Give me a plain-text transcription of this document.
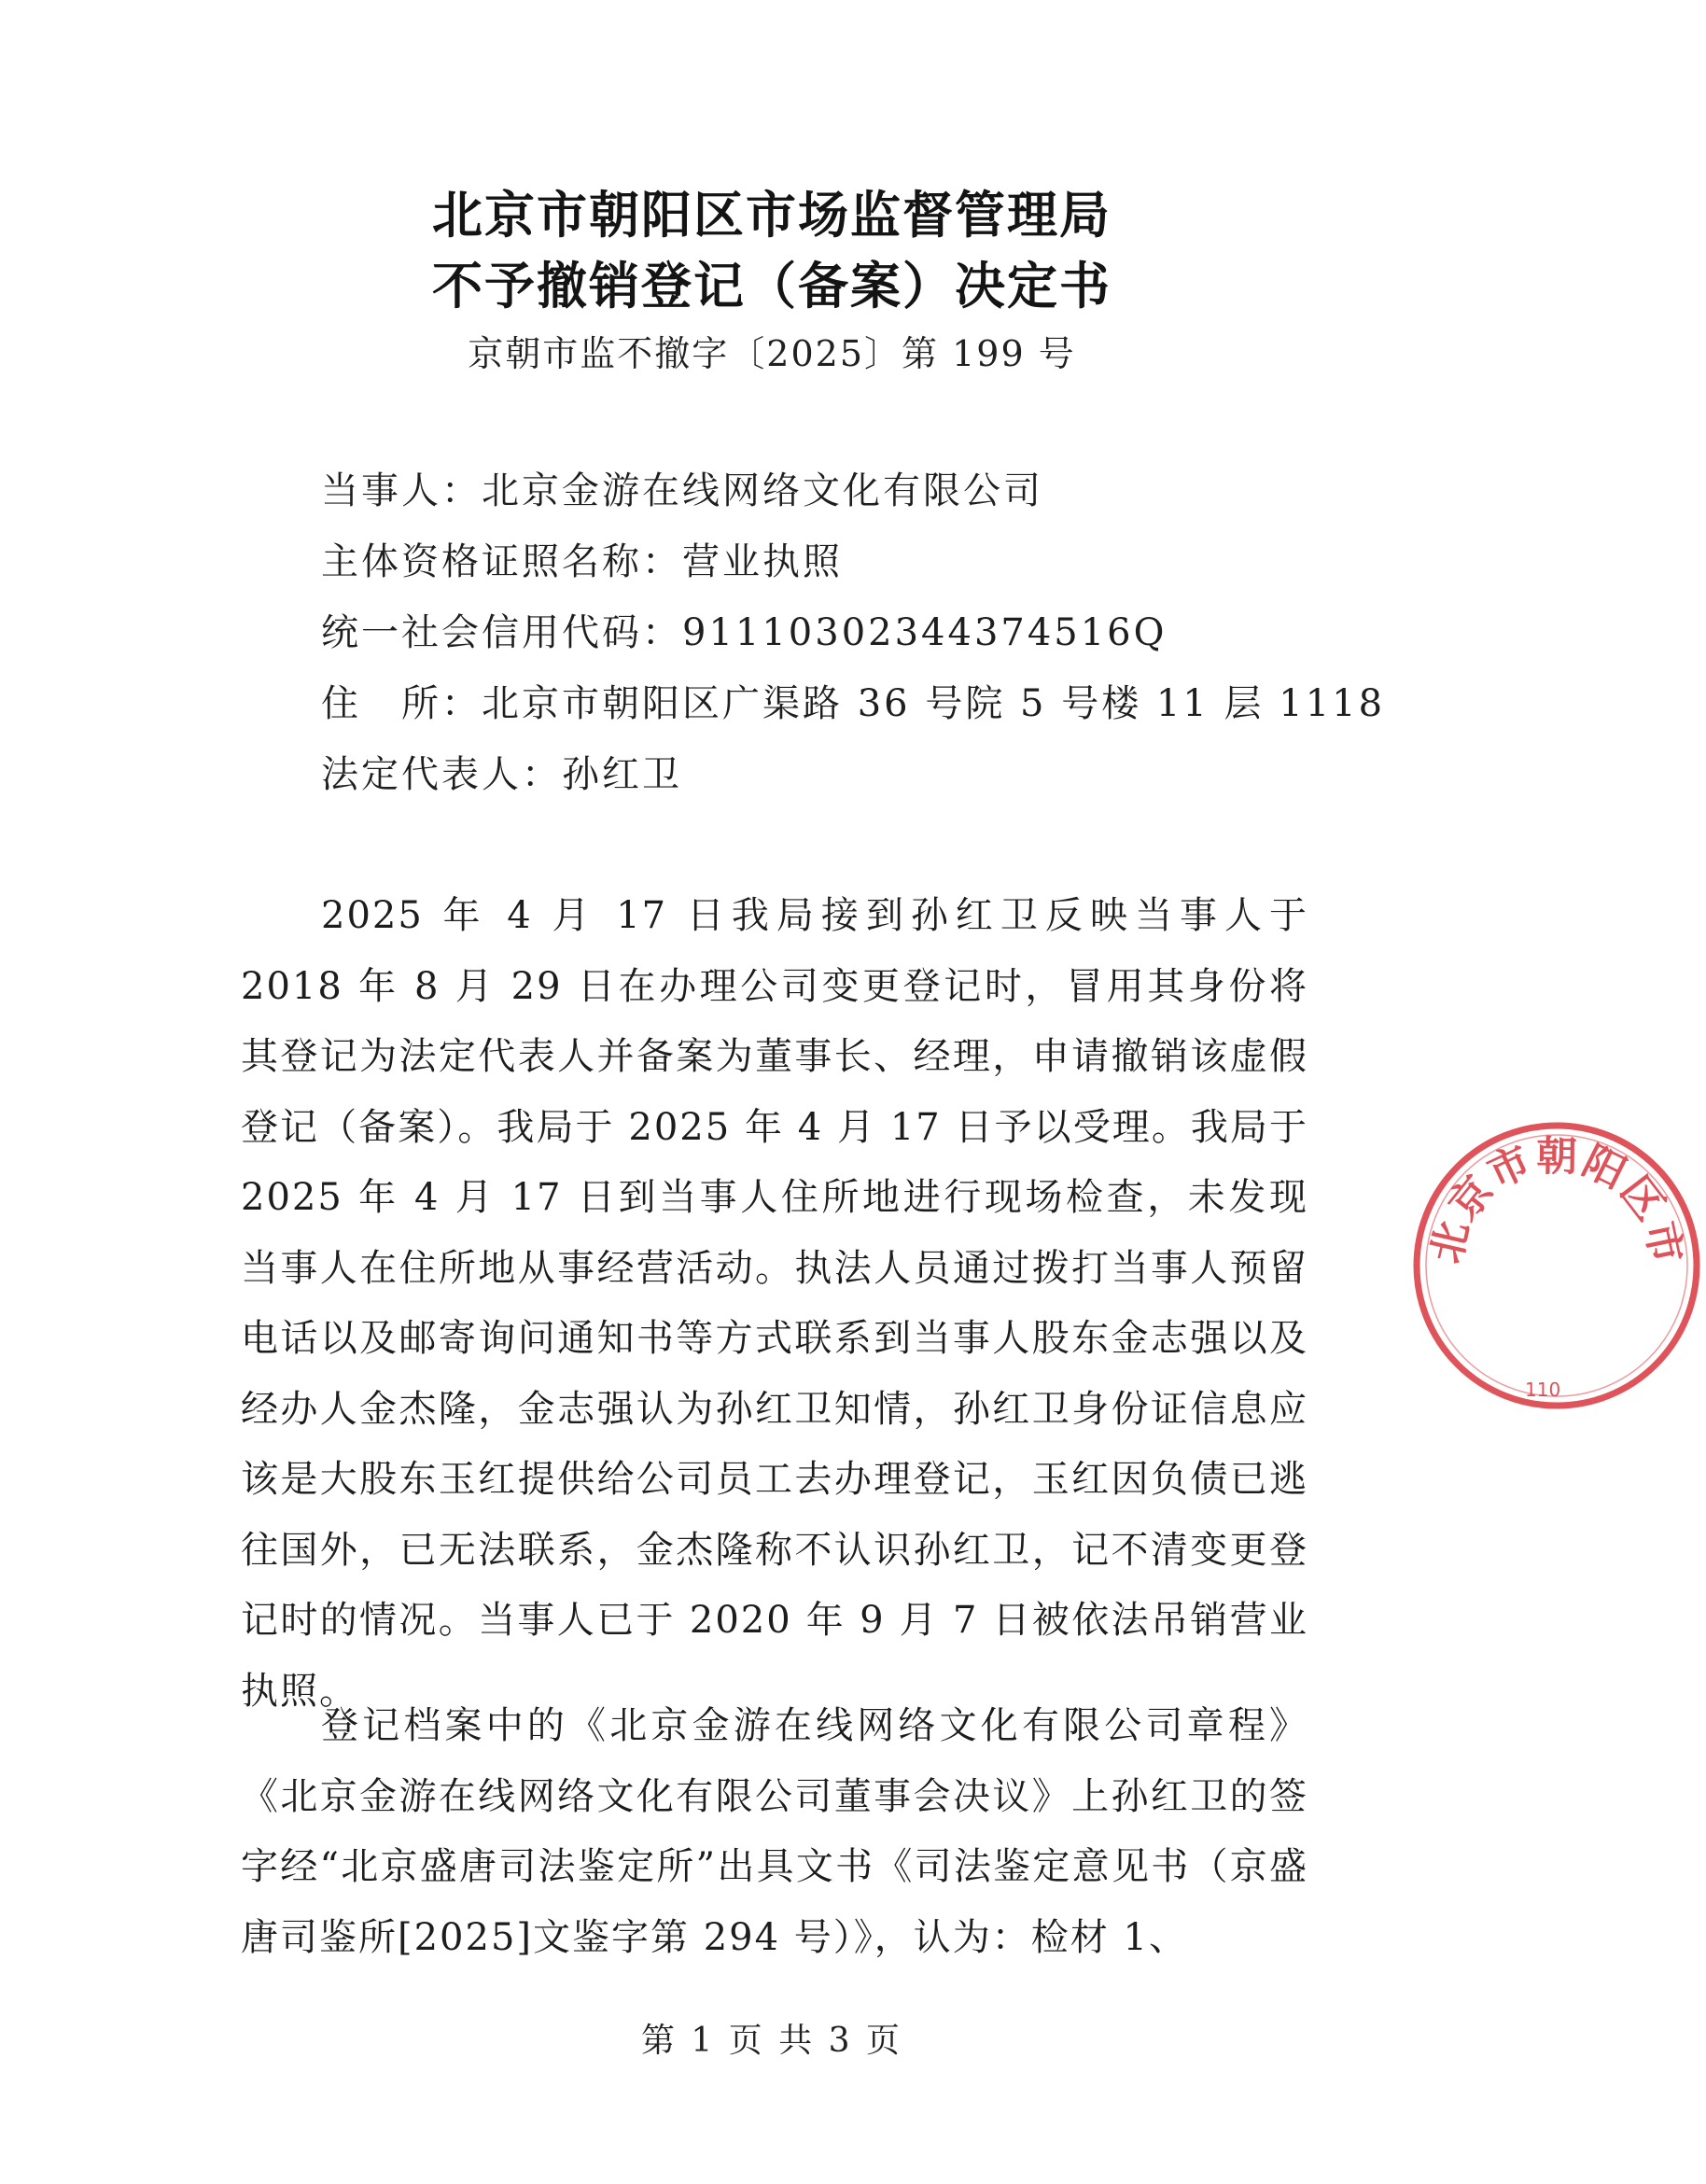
北京市朝阳区市场监督管理局
不予撤销登记（备案）决定书
京朝市监不撤字〔2025〕第 199 号
当事人：北京金游在线网络文化有限公司
主体资格证照名称：营业执照
统一社会信用代码：91110302344374516Q
住　所：北京市朝阳区广渠路 36 号院 5 号楼 11 层 1118
法定代表人：孙红卫

2025 年 4 月 17 日我局接到孙红卫反映当事人于 2018 年 8 月 29 日在办理公司变更登记时，冒用其身份将其登记为法定代表人并备案为董事长、经理，申请撤销该虚假登记（备案）。我局于 2025 年 4 月 17 日予以受理。我局于 2025 年 4 月 17 日到当事人住所地进行现场检查，未发现当事人在住所地从事经营活动。执法人员通过拨打当事人预留电话以及邮寄询问通知书等方式联系到当事人股东金志强以及经办人金杰隆，金志强认为孙红卫知情，孙红卫身份证信息应该是大股东玉红提供给公司员工去办理登记，玉红因负债已逃往国外，已无法联系，金杰隆称不认识孙红卫，记不清变更登记时的情况。当事人已于 2020 年 9 月 7 日被依法吊销营业执照。

登记档案中的《北京金游在线网络文化有限公司章程》《北京金游在线网络文化有限公司董事会决议》上孙红卫的签字经“北京盛唐司法鉴定所”出具文书《司法鉴定意见书（京盛唐司鉴所[2025]文鉴字第 294 号）》，认为：检材 1、

第 1 页 共 3 页
北京市朝阳区市
110
